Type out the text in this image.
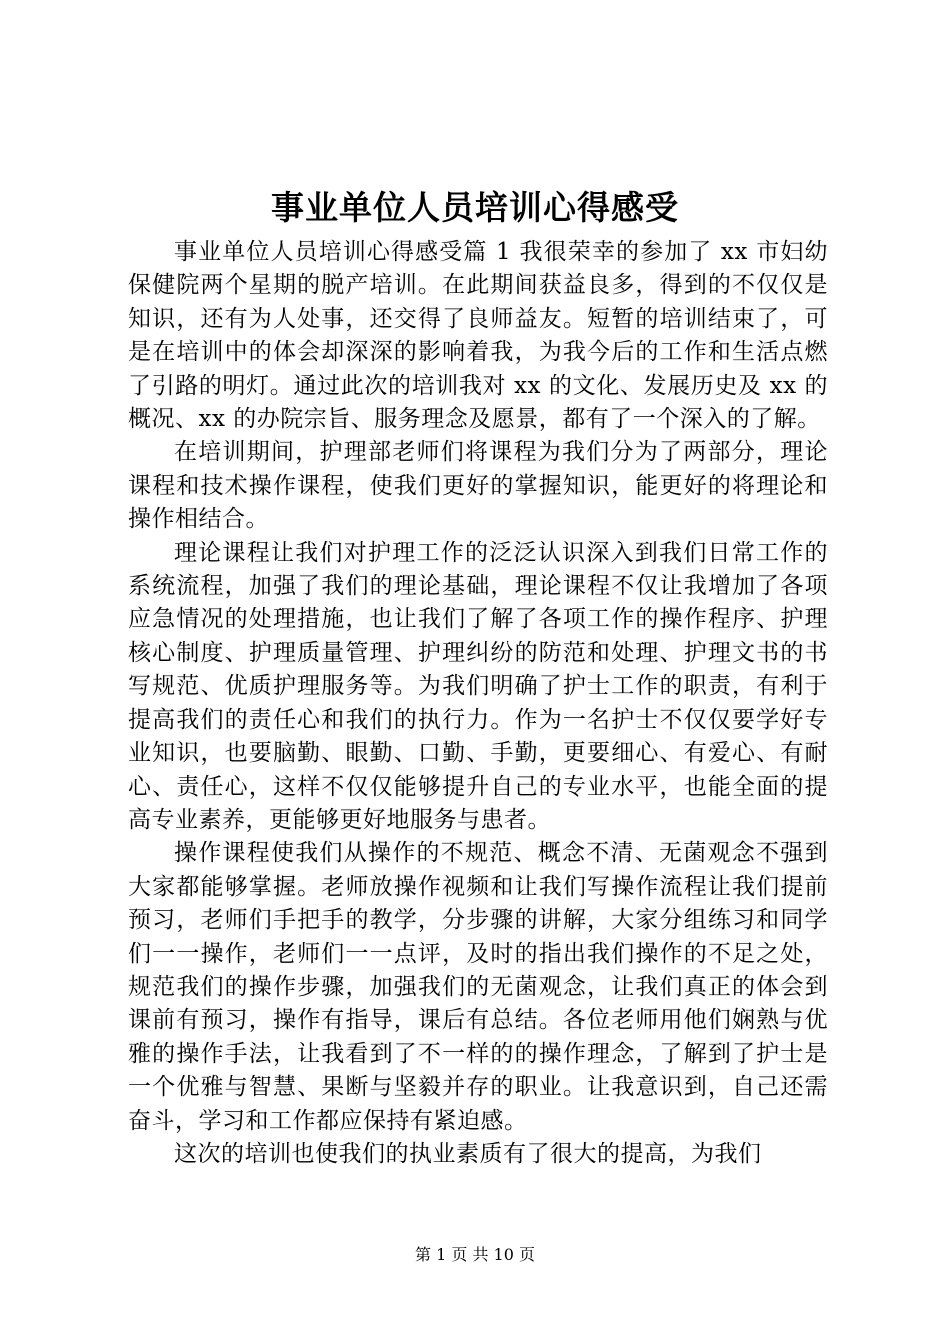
事业单位人员培训心得感受

事业单位人员培训心得感受篇 1 我很荣幸的参加了 xx 市妇幼保健院两个星期的脱产培训。在此期间获益良多，得到的不仅仅是知识，还有为人处事，还交得了良师益友。短暂的培训结束了，可是在培训中的体会却深深的影响着我，为我今后的工作和生活点燃了引路的明灯。通过此次的培训我对 xx 的文化、发展历史及 xx 的概况、xx 的办院宗旨、服务理念及愿景，都有了一个深入的了解。

在培训期间，护理部老师们将课程为我们分为了两部分，理论课程和技术操作课程，使我们更好的掌握知识，能更好的将理论和操作相结合。

理论课程让我们对护理工作的泛泛认识深入到我们日常工作的系统流程，加强了我们的理论基础，理论课程不仅让我增加了各项应急情况的处理措施，也让我们了解了各项工作的操作程序、护理核心制度、护理质量管理、护理纠纷的防范和处理、护理文书的书写规范、优质护理服务等。为我们明确了护士工作的职责，有利于提高我们的责任心和我们的执行力。作为一名护士不仅仅要学好专业知识，也要脑勤、眼勤、口勤、手勤，更要细心、有爱心、有耐心、责任心，这样不仅仅能够提升自己的专业水平，也能全面的提高专业素养，更能够更好地服务与患者。

操作课程使我们从操作的不规范、概念不清、无菌观念不强到大家都能够掌握。老师放操作视频和让我们写操作流程让我们提前预习，老师们手把手的教学，分步骤的讲解，大家分组练习和同学们一一操作，老师们一一点评，及时的指出我们操作的不足之处，规范我们的操作步骤，加强我们的无菌观念，让我们真正的体会到课前有预习，操作有指导，课后有总结。各位老师用他们娴熟与优雅的操作手法，让我看到了不一样的的操作理念，了解到了护士是一个优雅与智慧、果断与坚毅并存的职业。让我意识到，自己还需奋斗，学习和工作都应保持有紧迫感。

这次的培训也使我们的执业素质有了很大的提高，为我们

第 1 页 共 10 页
